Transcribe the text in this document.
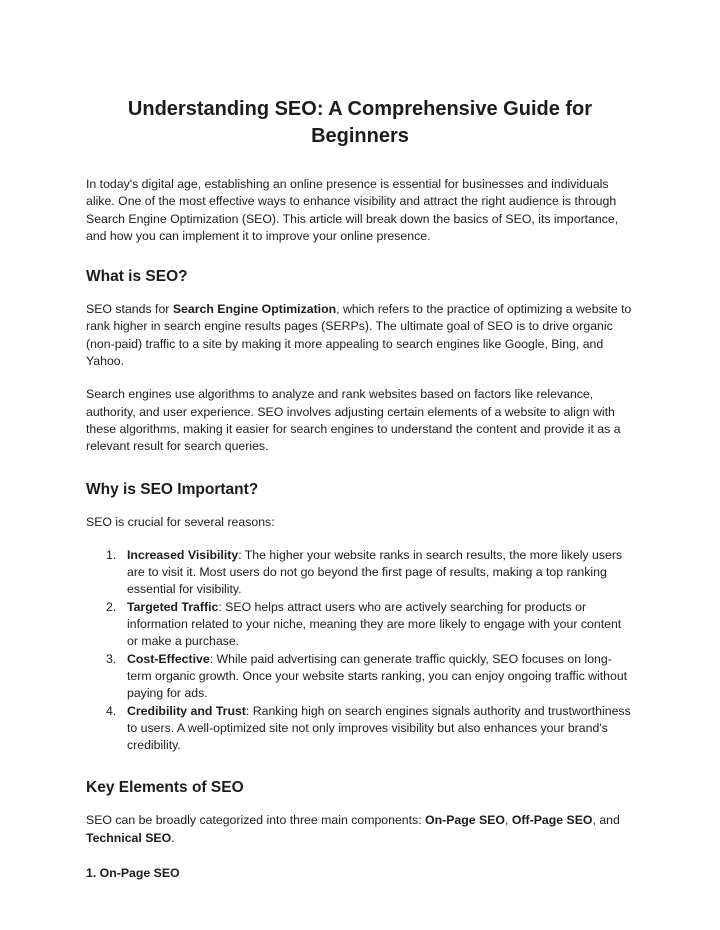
Understanding SEO: A Comprehensive Guide for Beginners

In today's digital age, establishing an online presence is essential for businesses and individuals alike. One of the most effective ways to enhance visibility and attract the right audience is through Search Engine Optimization (SEO). This article will break down the basics of SEO, its importance, and how you can implement it to improve your online presence.

What is SEO?

SEO stands for Search Engine Optimization, which refers to the practice of optimizing a website to rank higher in search engine results pages (SERPs). The ultimate goal of SEO is to drive organic (non-paid) traffic to a site by making it more appealing to search engines like Google, Bing, and Yahoo.

Search engines use algorithms to analyze and rank websites based on factors like relevance, authority, and user experience. SEO involves adjusting certain elements of a website to align with these algorithms, making it easier for search engines to understand the content and provide it as a relevant result for search queries.

Why is SEO Important?

SEO is crucial for several reasons:

1. Increased Visibility: The higher your website ranks in search results, the more likely users are to visit it. Most users do not go beyond the first page of results, making a top ranking essential for visibility.
2. Targeted Traffic: SEO helps attract users who are actively searching for products or information related to your niche, meaning they are more likely to engage with your content or make a purchase.
3. Cost-Effective: While paid advertising can generate traffic quickly, SEO focuses on long-term organic growth. Once your website starts ranking, you can enjoy ongoing traffic without paying for ads.
4. Credibility and Trust: Ranking high on search engines signals authority and trustworthiness to users. A well-optimized site not only improves visibility but also enhances your brand's credibility.
Key Elements of SEO

SEO can be broadly categorized into three main components: On-Page SEO, Off-Page SEO, and Technical SEO.

1. On-Page SEO
